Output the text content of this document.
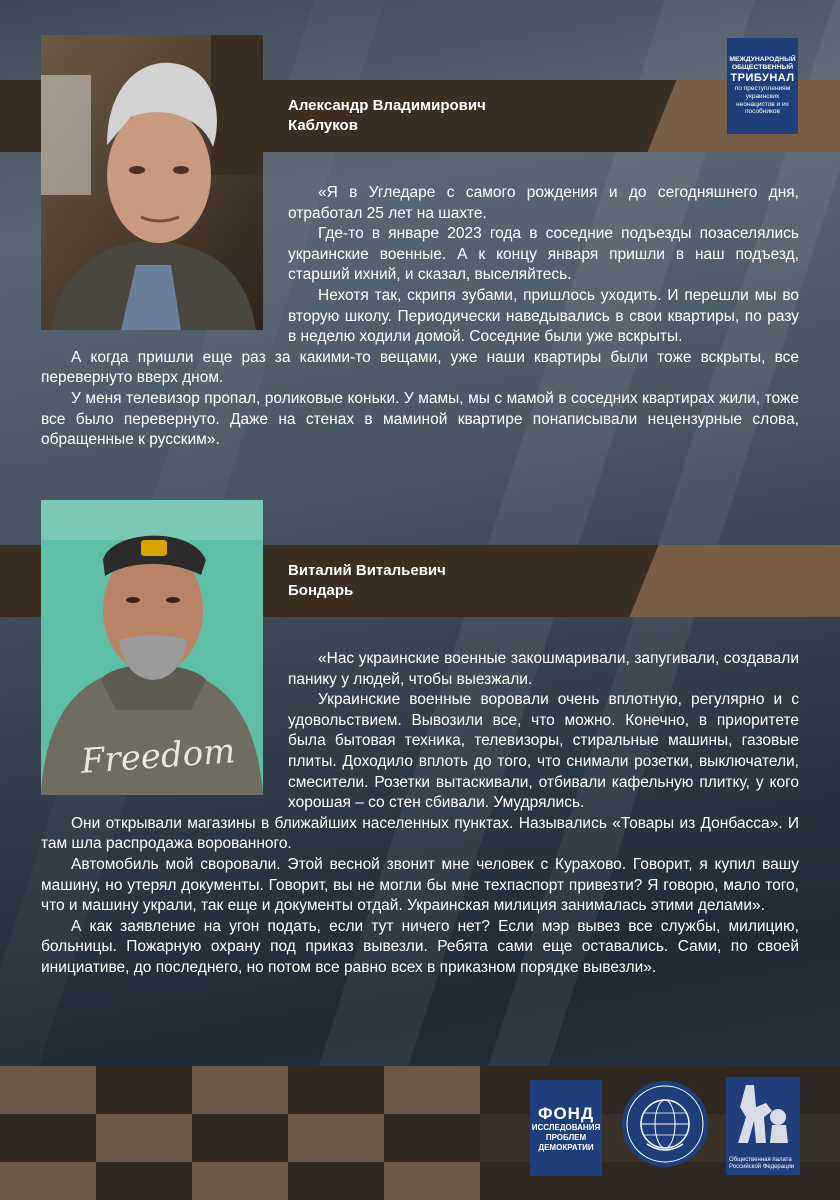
МЕЖДУНАРОДНЫЙ
ОБЩЕСТВЕННЫЙ
ТРИБУНАЛ
по преступлениям украинских неонацистов и их пособников
Александр Владимирович
Каблуков

«Я в Угледаре с самого рождения и до сегодняшнего дня, отработал 25 лет на шахте.

Где-то в январе 2023 года в соседние подъезды позаселялись украинские военные. А к концу января пришли в наш подъезд, старший ихний, и сказал, выселяйтесь.

Нехотя так, скрипя зубами, пришлось уходить. И перешли мы во вторую школу. Периодически наведывались в свои квартиры, по разу в неделю ходили домой. Соседние были уже вскрыты.

А когда пришли еще раз за какими-то вещами, уже наши квартиры были тоже вскрыты, все перевернуто вверх дном.

У меня телевизор пропал, роликовые коньки. У мамы, мы с мамой в соседних квартирах жили, тоже все было перевернуто. Даже на стенах в маминой квартире понаписывали нецензурные слова, обращенные к русским».

Freedom
Виталий Витальевич
Бондарь

«Нас украинские военные закошмаривали, запугивали, создавали панику у людей, чтобы выезжали.

Украинские военные воровали очень вплотную, регулярно и с удовольствием. Вывозили все, что можно. Конечно, в приоритете была бытовая техника, телевизоры, стиральные машины, газовые плиты. Доходило вплоть до того, что снимали розетки, выключатели, смесители. Розетки вытаскивали, отбивали кафельную плитку, у кого хорошая – со стен сбивали. Умудрялись.

Они открывали магазины в ближайших населенных пунктах. Назывались «Товары из Донбасса». И там шла распродажа ворованного.

Автомобиль мой своровали. Этой весной звонит мне человек с Курахово. Говорит, я купил вашу машину, но утерял документы. Говорит, вы не могли бы мне техпаспорт привезти? Я говорю, мало того, что и машину украли, так еще и документы отдай. Украинская милиция занималась этими делами».

А как заявление на угон подать, если тут ничего нет? Если мэр вывез все службы, милицию, больницы. Пожарную охрану под приказ вывезли. Ребята сами еще оставались. Сами, по своей инициативе, до последнего, но потом все равно всех в приказном порядке вывезли».

ФОНД
ИССЛЕДОВАНИЯ
ПРОБЛЕМ
ДЕМОКРАТИИ
Общественная палата Российской Федерации
